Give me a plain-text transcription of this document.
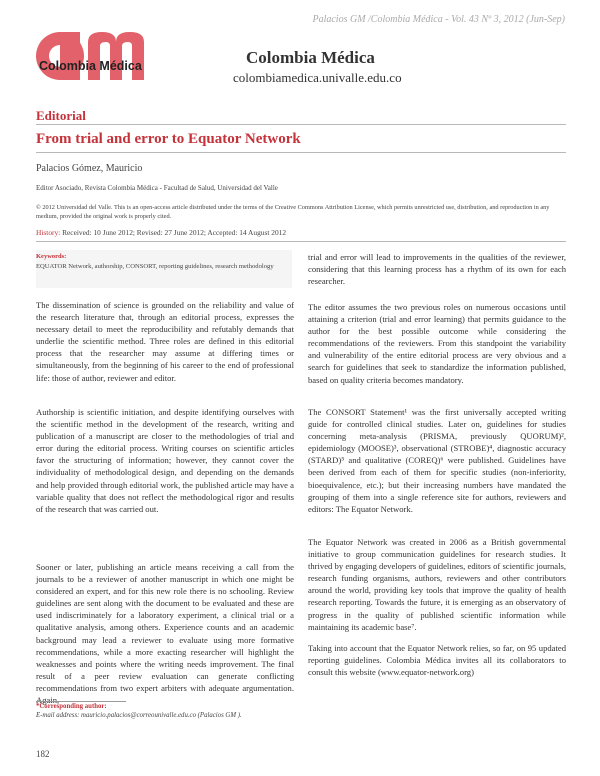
Palacios GM /Colombia Médica - Vol. 43 Nº 3, 2012 (Jun-Sep)
Colombia Médica	Colombia Médica
colombiamedica.univalle.edu.co
Editorial
From trial and error to Equator Network
Palacios Gómez, Mauricio
Editor Asociado, Revista Colombia Médica - Facultad de Salud, Universidad del Valle
© 2012 Universidad del Valle. This is an open-access article distributed under the terms of the Creative Commons Attribution License, which permits unrestricted use, distribution, and reproduction in any medium, provided the original work is properly cited.
History: Received: 10 June 2012; Revised: 27 June 2012; Accepted: 14 August 2012
Keywords:
EQUATOR Network, authorship, CONSORT, reporting guidelines, research methodology

The dissemination of science is grounded on the reliability and value of the research literature that, through an editorial process, expresses the necessary detail to meet the reproducibility and refutably demands that underlie the scientific method. Three roles are defined in this editorial process that the researcher may assume at differing times or simultaneously, from the beginning of his career to the end of professional life: those of author, reviewer and editor.

Authorship is scientific initiation, and despite identifying ourselves with the scientific method in the development of the research, writing and publication of a manuscript are closer to the methodologies of trial and error during the editorial process. Writing courses on scientific articles favor the structuring of information; however, they cannot cover the individuality of methodological design, and depending on the demands and help provided through editorial work, the published article may have a variable quality that does not reflect the methodological rigor and results of the research that was carried out.

Sooner or later, publishing an article means receiving a call from the journals to be a reviewer of another manuscript in which one might be considered an expert, and for this new role there is no schooling. Review guidelines are sent along with the document to be evaluated and these are used indiscriminately for a laboratory experiment, a clinical trial or a qualitative analysis, among others. Experience counts and an academic background may lead a reviewer to evaluate using more formative recommendations, while a more exacting researcher will highlight the weaknesses and points where the writing needs improvement. The final result of a peer review evaluation can generate conflicting recommendations from two expert arbiters with adequate argumentation.

trial and error will lead to improvements in the qualities of the reviewer, considering that this learning process has a rhythm of its own for each researcher.

The editor assumes the two previous roles on numerous occasions until attaining a criterion (trial and error learning) that permits guidance to the author for the best possible outcome while considering the recommendations of the reviewers. From this standpoint the variability and vulnerability of the entire editorial process are very obvious and a search for guidelines that seek to standardize the information published, based on quality criteria becomes mandatory.

The CONSORT Statement¹ was the first universally accepted writing guide for controlled clinical studies. Later on, guidelines for studies concerning meta-analysis (PRISMA, previously QUORUM)², epidemiology (MOOSE)³, observational (STROBE)⁴, diagnostic accuracy (STARD)⁵ and qualitative (COREQ)⁶ were published. Guidelines have been derived from each of them for specific studies (non-inferiority, bioequivalence, etc.); but their increasing numbers have mandated the grouping of them into a single reference site for authors, reviewers and editors: The Equator Network.

The Equator Network was created in 2006 as a British governmental initiative to group communication guidelines for research studies. It thrived by engaging developers of guidelines, editors of scientific journals, research funding organisms, authors, reviewers and other contributors around the world, providing key tools that improve the quality of health research reporting. Towards the future, it is emerging as an observatory of progress in the quality of published scientific information while maintaining its academic base⁷.

Taking into account that the Equator Network relies, so far, on 95 updated reporting guidelines. Colombia Médica invites all its collaborators to consult this website (www.equator-network.org)

*Corresponding author:
E-mail address: mauricio.palacios@correounivalle.edu.co (Palacios GM ).
182
